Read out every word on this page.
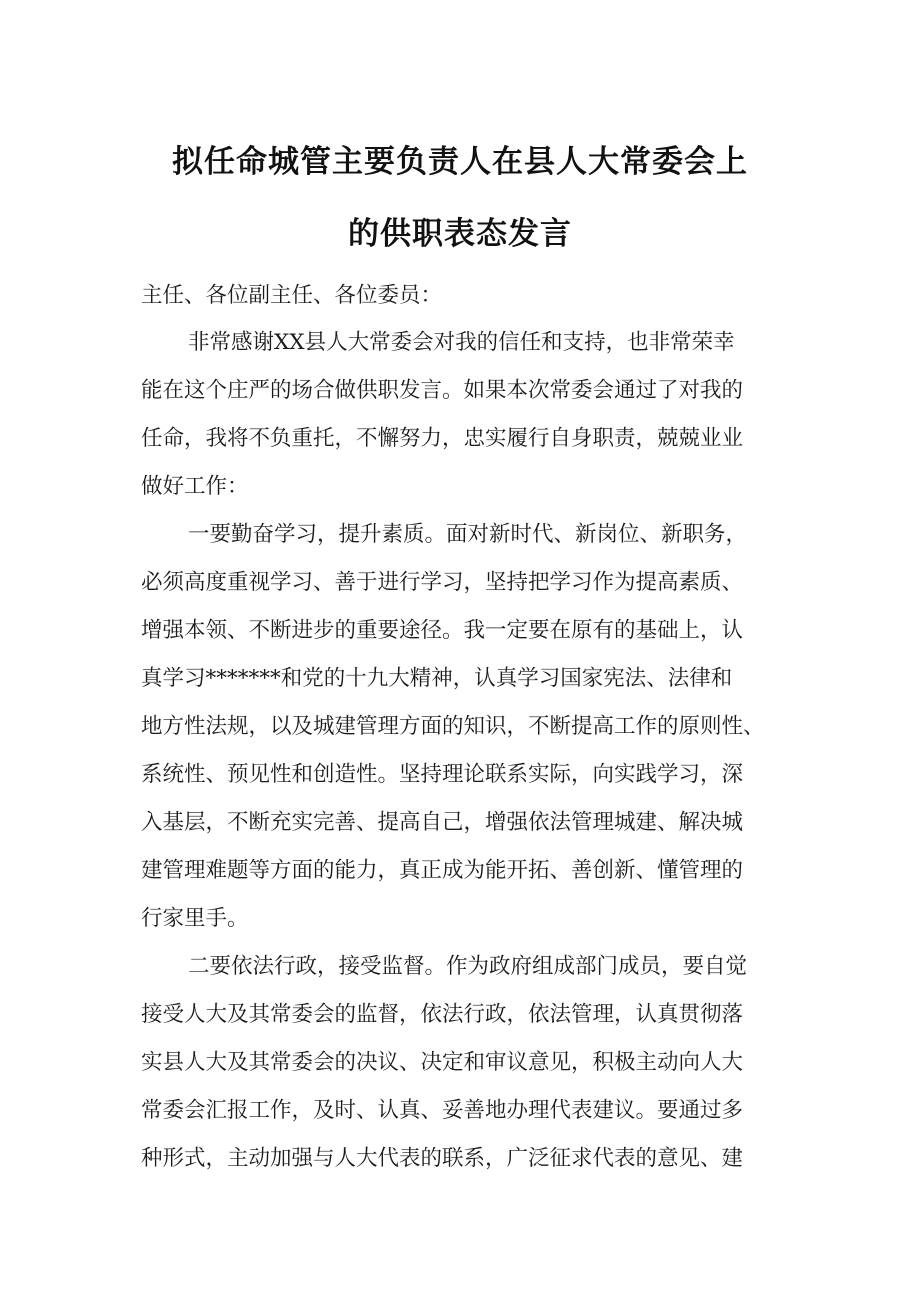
拟任命城管主要负责人在县人大常委会上
的供职表态发言
主任、各位副主任、各位委员：
非常感谢XX县人大常委会对我的信任和支持，也非常荣幸
能在这个庄严的场合做供职发言。如果本次常委会通过了对我的
任命，我将不负重托，不懈努力，忠实履行自身职责，兢兢业业
做好工作：
一要勤奋学习，提升素质。面对新时代、新岗位、新职务，
必须高度重视学习、善于进行学习，坚持把学习作为提高素质、
增强本领、不断进步的重要途径。我一定要在原有的基础上，认
真学习*******和党的十九大精神，认真学习国家宪法、法律和
地方性法规，以及城建管理方面的知识，不断提高工作的原则性、
系统性、预见性和创造性。坚持理论联系实际，向实践学习，深
入基层，不断充实完善、提高自己，增强依法管理城建、解决城
建管理难题等方面的能力，真正成为能开拓、善创新、懂管理的
行家里手。
二要依法行政，接受监督。作为政府组成部门成员，要自觉
接受人大及其常委会的监督，依法行政，依法管理，认真贯彻落
实县人大及其常委会的决议、决定和审议意见，积极主动向人大
常委会汇报工作，及时、认真、妥善地办理代表建议。要通过多
种形式，主动加强与人大代表的联系，广泛征求代表的意见、建
